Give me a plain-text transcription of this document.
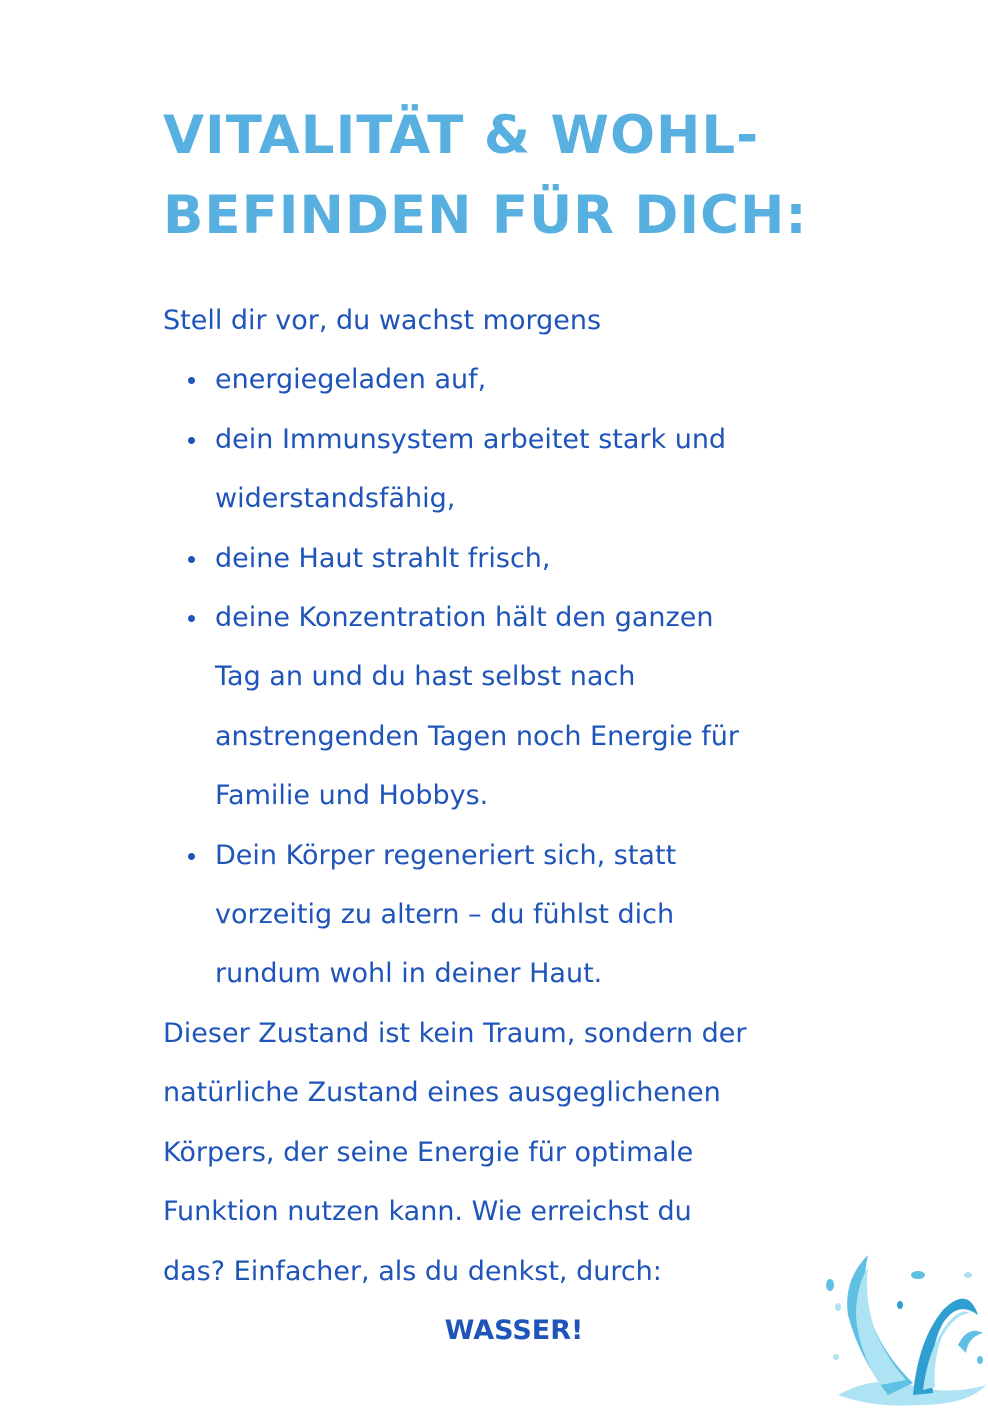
VITALITÄT & WOHL-
BEFINDEN FÜR DICH:

Stell dir vor, du wachst morgens

energiegeladen auf,
dein Immunsystem arbeitet stark und
widerstandsfähig,
deine Haut strahlt frisch,
deine Konzentration hält den ganzen
Tag an und du hast selbst nach
anstrengenden Tagen noch Energie für
Familie und Hobbys.
Dein Körper regeneriert sich, statt
vorzeitig zu altern – du fühlst dich
rundum wohl in deiner Haut.

Dieser Zustand ist kein Traum, sondern der
natürliche Zustand eines ausgeglichenen
Körpers, der seine Energie für optimale
Funktion nutzen kann. Wie erreichst du
das? Einfacher, als du denkst, durch:

WASSER!
